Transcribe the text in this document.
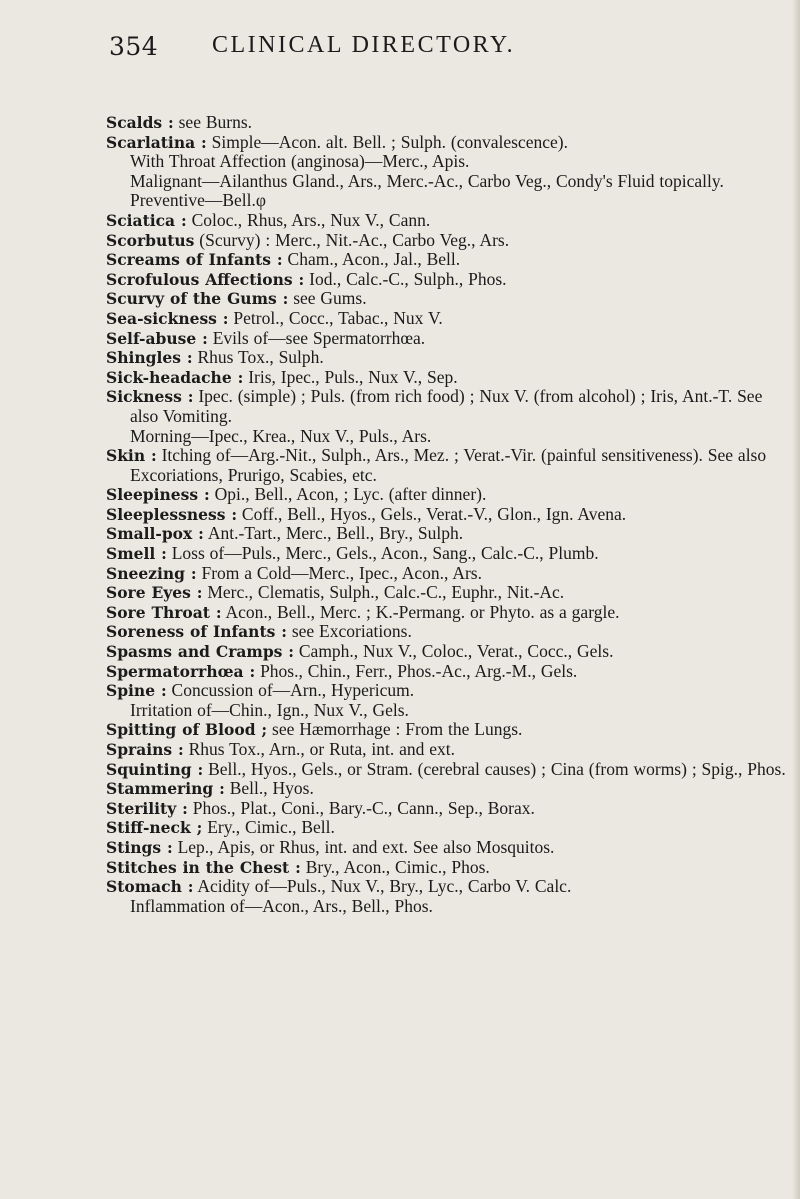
354 CLINICAL DIRECTORY.

Scalds : see Burns.

Scarlatina : Simple—Acon. alt. Bell. ; Sulph. (convalescence).
With Throat Affection (anginosa)—Merc., Apis.
Malignant—Ailanthus Gland., Ars., Merc.-Ac., Carbo Veg., Condy's Fluid topically.
Preventive—Bell.φ

Sciatica : Coloc., Rhus, Ars., Nux V., Cann.

Scorbutus (Scurvy) : Merc., Nit.-Ac., Carbo Veg., Ars.

Screams of Infants : Cham., Acon., Jal., Bell.

Scrofulous Affections : Iod., Calc.-C., Sulph., Phos.

Scurvy of the Gums : see Gums.

Sea-sickness : Petrol., Cocc., Tabac., Nux V.

Self-abuse : Evils of—see Spermatorrhœa.

Shingles : Rhus Tox., Sulph.

Sick-headache : Iris, Ipec., Puls., Nux V., Sep.

Sickness : Ipec. (simple) ; Puls. (from rich food) ; Nux V. (from alcohol) ; Iris, Ant.-T. See also Vomiting.
Morning—Ipec., Krea., Nux V., Puls., Ars.

Skin : Itching of—Arg.-Nit., Sulph., Ars., Mez. ; Verat.-Vir. (painful sensitiveness). See also Excoriations, Prurigo, Scabies, etc.

Sleepiness : Opi., Bell., Acon, ; Lyc. (after dinner).

Sleeplessness : Coff., Bell., Hyos., Gels., Verat.-V., Glon., Ign. Avena.

Small-pox : Ant.-Tart., Merc., Bell., Bry., Sulph.

Smell : Loss of—Puls., Merc., Gels., Acon., Sang., Calc.-C., Plumb.

Sneezing : From a Cold—Merc., Ipec., Acon., Ars.

Sore Eyes : Merc., Clematis, Sulph., Calc.-C., Euphr., Nit.-Ac.

Sore Throat : Acon., Bell., Merc. ; K.-Permang. or Phyto. as a gargle.

Soreness of Infants : see Excoriations.

Spasms and Cramps : Camph., Nux V., Coloc., Verat., Cocc., Gels.

Spermatorrhœa : Phos., Chin., Ferr., Phos.-Ac., Arg.-M., Gels.

Spine : Concussion of—Arn., Hypericum.
Irritation of—Chin., Ign., Nux V., Gels.

Spitting of Blood ; see Hæmorrhage : From the Lungs.

Sprains : Rhus Tox., Arn., or Ruta, int. and ext.

Squinting : Bell., Hyos., Gels., or Stram. (cerebral causes) ; Cina (from worms) ; Spig., Phos.

Stammering : Bell., Hyos.

Sterility : Phos., Plat., Coni., Bary.-C., Cann., Sep., Borax.

Stiff-neck ; Ery., Cimic., Bell.

Stings : Lep., Apis, or Rhus, int. and ext. See also Mosquitos.

Stitches in the Chest : Bry., Acon., Cimic., Phos.

Stomach : Acidity of—Puls., Nux V., Bry., Lyc., Carbo V. Calc.
Inflammation of—Acon., Ars., Bell., Phos.
